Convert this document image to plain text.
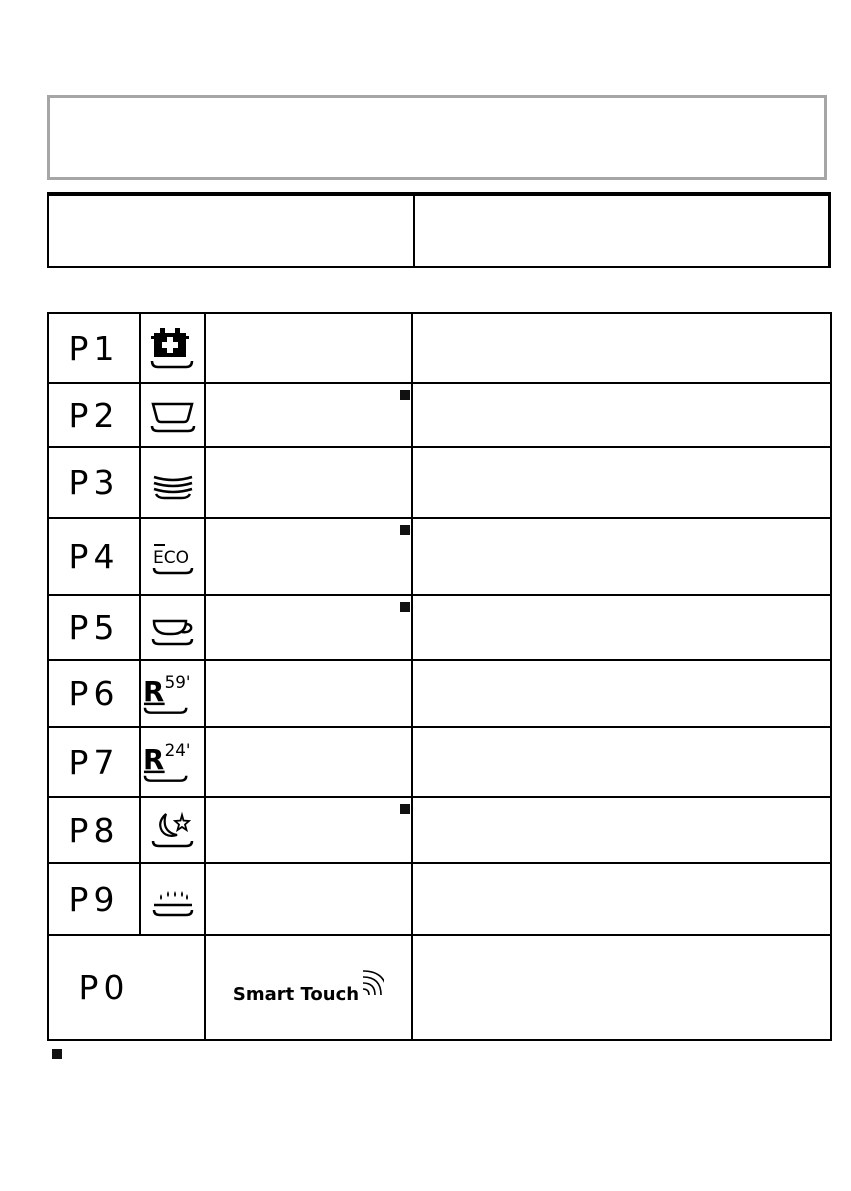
P1
P2
P3
P4	ECO
P5
P6 R 59'
P7 R 24'
P8
P9
P0	Smart Touch
